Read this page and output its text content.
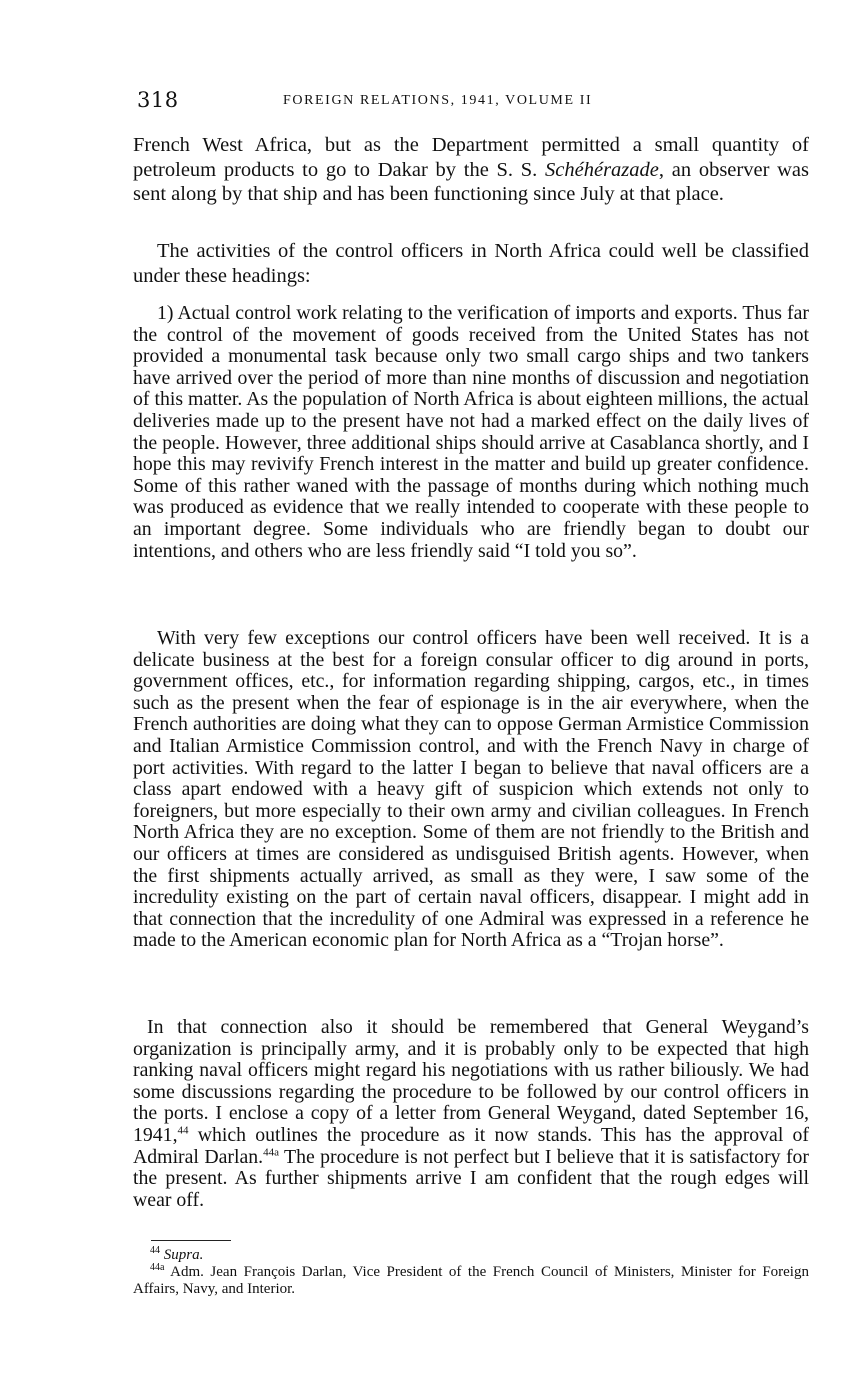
318	FOREIGN RELATIONS, 1941, VOLUME II

French West Africa, but as the Department permitted a small quantity of petroleum products to go to Dakar by the S. S. Schéhérazade, an observer was sent along by that ship and has been functioning since July at that place.

The activities of the control officers in North Africa could well be classified under these headings:

1) Actual control work relating to the verification of imports and exports. Thus far the control of the movement of goods received from the United States has not provided a monumental task because only two small cargo ships and two tankers have arrived over the period of more than nine months of discussion and negotiation of this matter. As the population of North Africa is about eighteen millions, the actual deliveries made up to the present have not had a marked effect on the daily lives of the people. However, three additional ships should arrive at Casablanca shortly, and I hope this may revivify French interest in the matter and build up greater confidence. Some of this rather waned with the passage of months during which nothing much was produced as evidence that we really intended to cooperate with these people to an important degree. Some individuals who are friendly began to doubt our intentions, and others who are less friendly said “I told you so”.

With very few exceptions our control officers have been well received. It is a delicate business at the best for a foreign consular officer to dig around in ports, government offices, etc., for information regarding shipping, cargos, etc., in times such as the present when the fear of espionage is in the air everywhere, when the French authorities are doing what they can to oppose German Armistice Commission and Italian Armistice Commission control, and with the French Navy in charge of port activities. With regard to the latter I began to believe that naval officers are a class apart endowed with a heavy gift of suspicion which extends not only to foreigners, but more especially to their own army and civilian colleagues. In French North Africa they are no exception. Some of them are not friendly to the British and our officers at times are considered as undisguised British agents. However, when the first shipments actually arrived, as small as they were, I saw some of the incredulity existing on the part of certain naval officers, disappear. I might add in that connection that the incredulity of one Admiral was expressed in a reference he made to the American economic plan for North Africa as a “Trojan horse”.

In that connection also it should be remembered that General Weygand’s organization is principally army, and it is probably only to be expected that high ranking naval officers might regard his negotiations with us rather biliously. We had some discussions regarding the procedure to be followed by our control officers in the ports. I enclose a copy of a letter from General Weygand, dated September 16, 1941,44 which outlines the procedure as it now stands. This has the approval of Admiral Darlan.$^{44a}$ The procedure is not perfect but I believe that it is satisfactory for the present. As further shipments arrive I am confident that the rough edges will wear off.

$^{44}$ Supra.

$^{44a}$ Adm. Jean François Darlan, Vice President of the French Council of Ministers, Minister for Foreign Affairs, Navy, and Interior.
